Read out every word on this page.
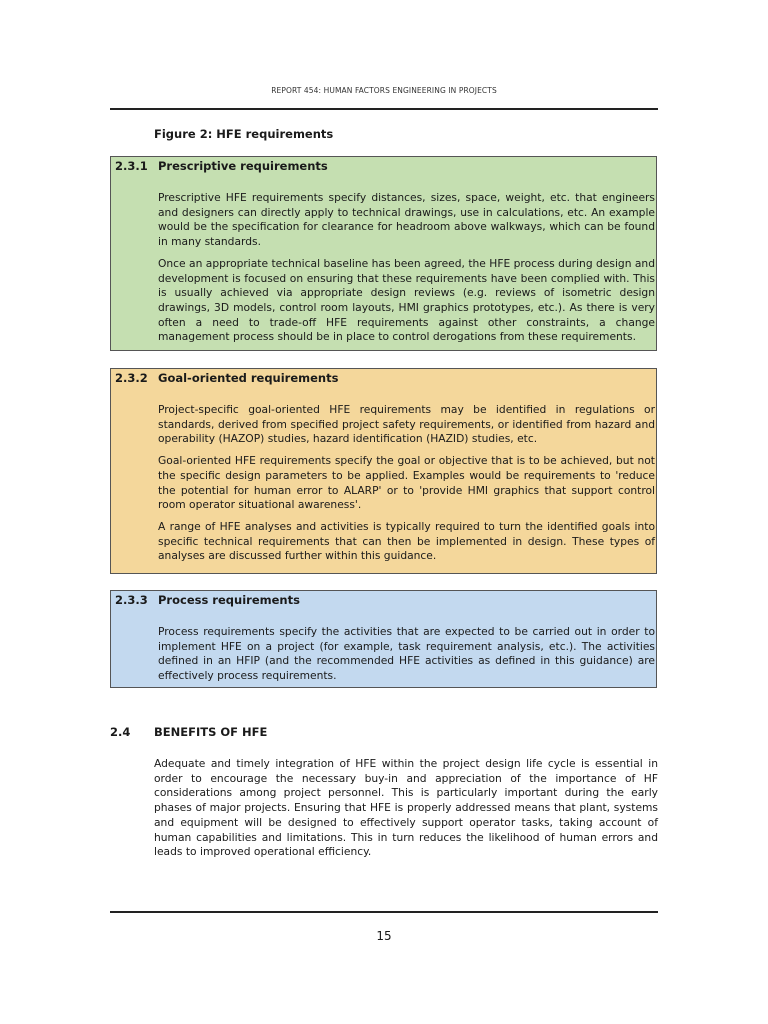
REPORT 454: HUMAN FACTORS ENGINEERING IN PROJECTS
Figure 2: HFE requirements
2.3.1 Prescriptive requirements

Prescriptive HFE requirements specify distances, sizes, space, weight, etc. that engineers and designers can directly apply to technical drawings, use in calculations, etc. An example would be the specification for clearance for headroom above walkways, which can be found in many standards.

Once an appropriate technical baseline has been agreed, the HFE process during design and development is focused on ensuring that these requirements have been complied with. This is usually achieved via appropriate design reviews (e.g. reviews of isometric design drawings, 3D models, control room layouts, HMI graphics prototypes, etc.). As there is very often a need to trade-off HFE requirements against other constraints, a change management process should be in place to control derogations from these requirements.

2.3.2 Goal-oriented requirements

Project-specific goal-oriented HFE requirements may be identified in regulations or standards, derived from specified project safety requirements, or identified from hazard and operability (HAZOP) studies, hazard identification (HAZID) studies, etc.

Goal-oriented HFE requirements specify the goal or objective that is to be achieved, but not the specific design parameters to be applied. Examples would be requirements to 'reduce the potential for human error to ALARP' or to 'provide HMI graphics that support control room operator situational awareness'.

A range of HFE analyses and activities is typically required to turn the identified goals into specific technical requirements that can then be implemented in design. These types of analyses are discussed further within this guidance.

2.3.3 Process requirements

Process requirements specify the activities that are expected to be carried out in order to implement HFE on a project (for example, task requirement analysis, etc.). The activities defined in an HFIP (and the recommended HFE activities as defined in this guidance) are effectively process requirements.

2.4 BENEFITS OF HFE

Adequate and timely integration of HFE within the project design life cycle is essential in order to encourage the necessary buy-in and appreciation of the importance of HF considerations among project personnel. This is particularly important during the early phases of major projects. Ensuring that HFE is properly addressed means that plant, systems and equipment will be designed to effectively support operator tasks, taking account of human capabilities and limitations. This in turn reduces the likelihood of human errors and leads to improved operational efficiency.

15
